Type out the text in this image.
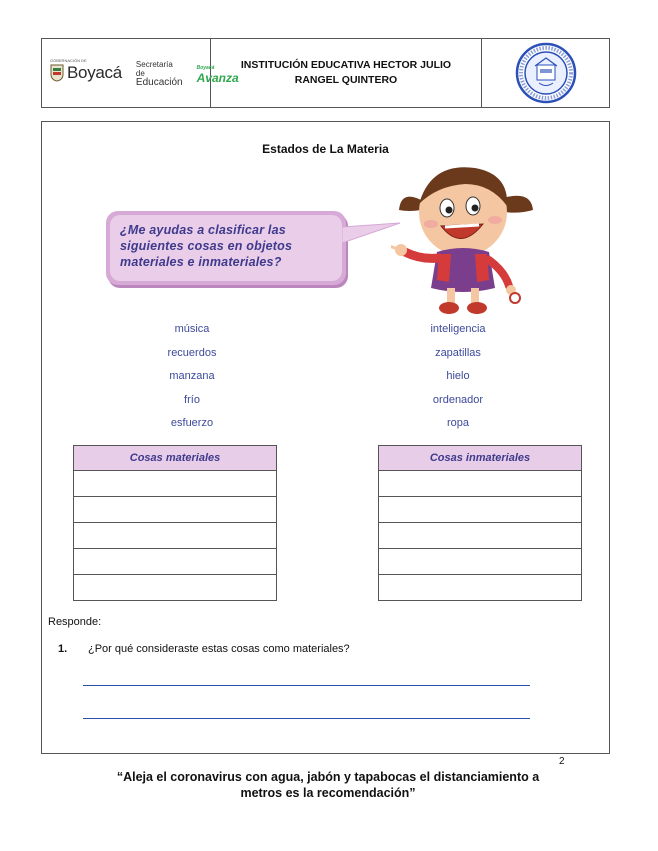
GOBERNACIÓN DE
Boyacá Secretaría de
Educación
Boyacá
Avanza
INSTITUCIÓN EDUCATIVA HECTOR JULIO RANGEL QUINTERO
Estados de La Materia
¿Me ayudas a clasificar las siguientes cosas en objetos materiales e inmateriales?
música
recuerdos
manzana
frío
esfuerzo
inteligencia
zapatillas
hielo
ordenador
ropa
Cosas materiales	Cosas inmateriales

Responde:
1. ¿Por qué consideraste estas cosas como materiales?
2
“Aleja el coronavirus con agua, jabón y tapabocas el distanciamiento a metros es la recomendación”
